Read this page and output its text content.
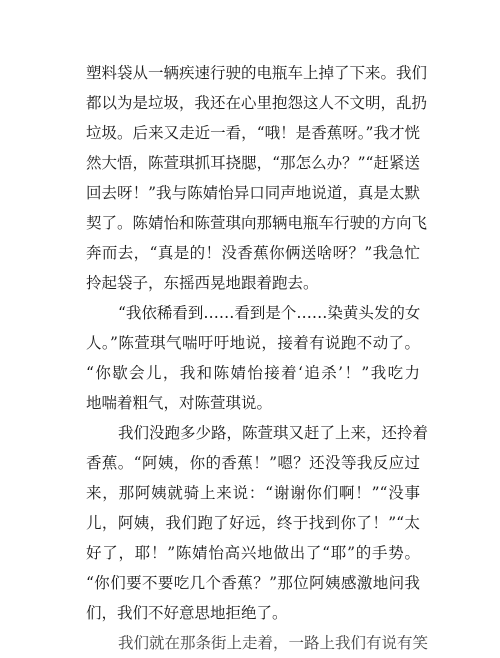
塑料袋从一辆疾速行驶的电瓶车上掉了下来。我们
都以为是垃圾，我还在心里抱怨这人不文明，乱扔
垃圾。后来又走近一看，“哦！是香蕉呀。”我才恍
然大悟，陈萱琪抓耳挠腮，“那怎么办？”“赶紧送
回去呀！”我与陈婧怡异口同声地说道，真是太默
契了。陈婧怡和陈萱琪向那辆电瓶车行驶的方向飞
奔而去，“真是的！没香蕉你俩送啥呀？”我急忙
拎起袋子，东摇西晃地跟着跑去。
“我依稀看到……看到是个……染黄头发的女
人。”陈萱琪气喘吁吁地说，接着有说跑不动了。
“你歇会儿，我和陈婧怡接着‘追杀’！”我吃力
地喘着粗气，对陈萱琪说。
我们没跑多少路，陈萱琪又赶了上来，还拎着
香蕉。“阿姨，你的香蕉！”嗯？还没等我反应过
来，那阿姨就骑上来说：“谢谢你们啊！”“没事
儿，阿姨，我们跑了好远，终于找到你了！”“太
好了，耶！”陈婧怡高兴地做出了“耶”的手势。
“你们要不要吃几个香蕉？”那位阿姨感激地问我
们，我们不好意思地拒绝了。
我们就在那条街上走着，一路上我们有说有笑
